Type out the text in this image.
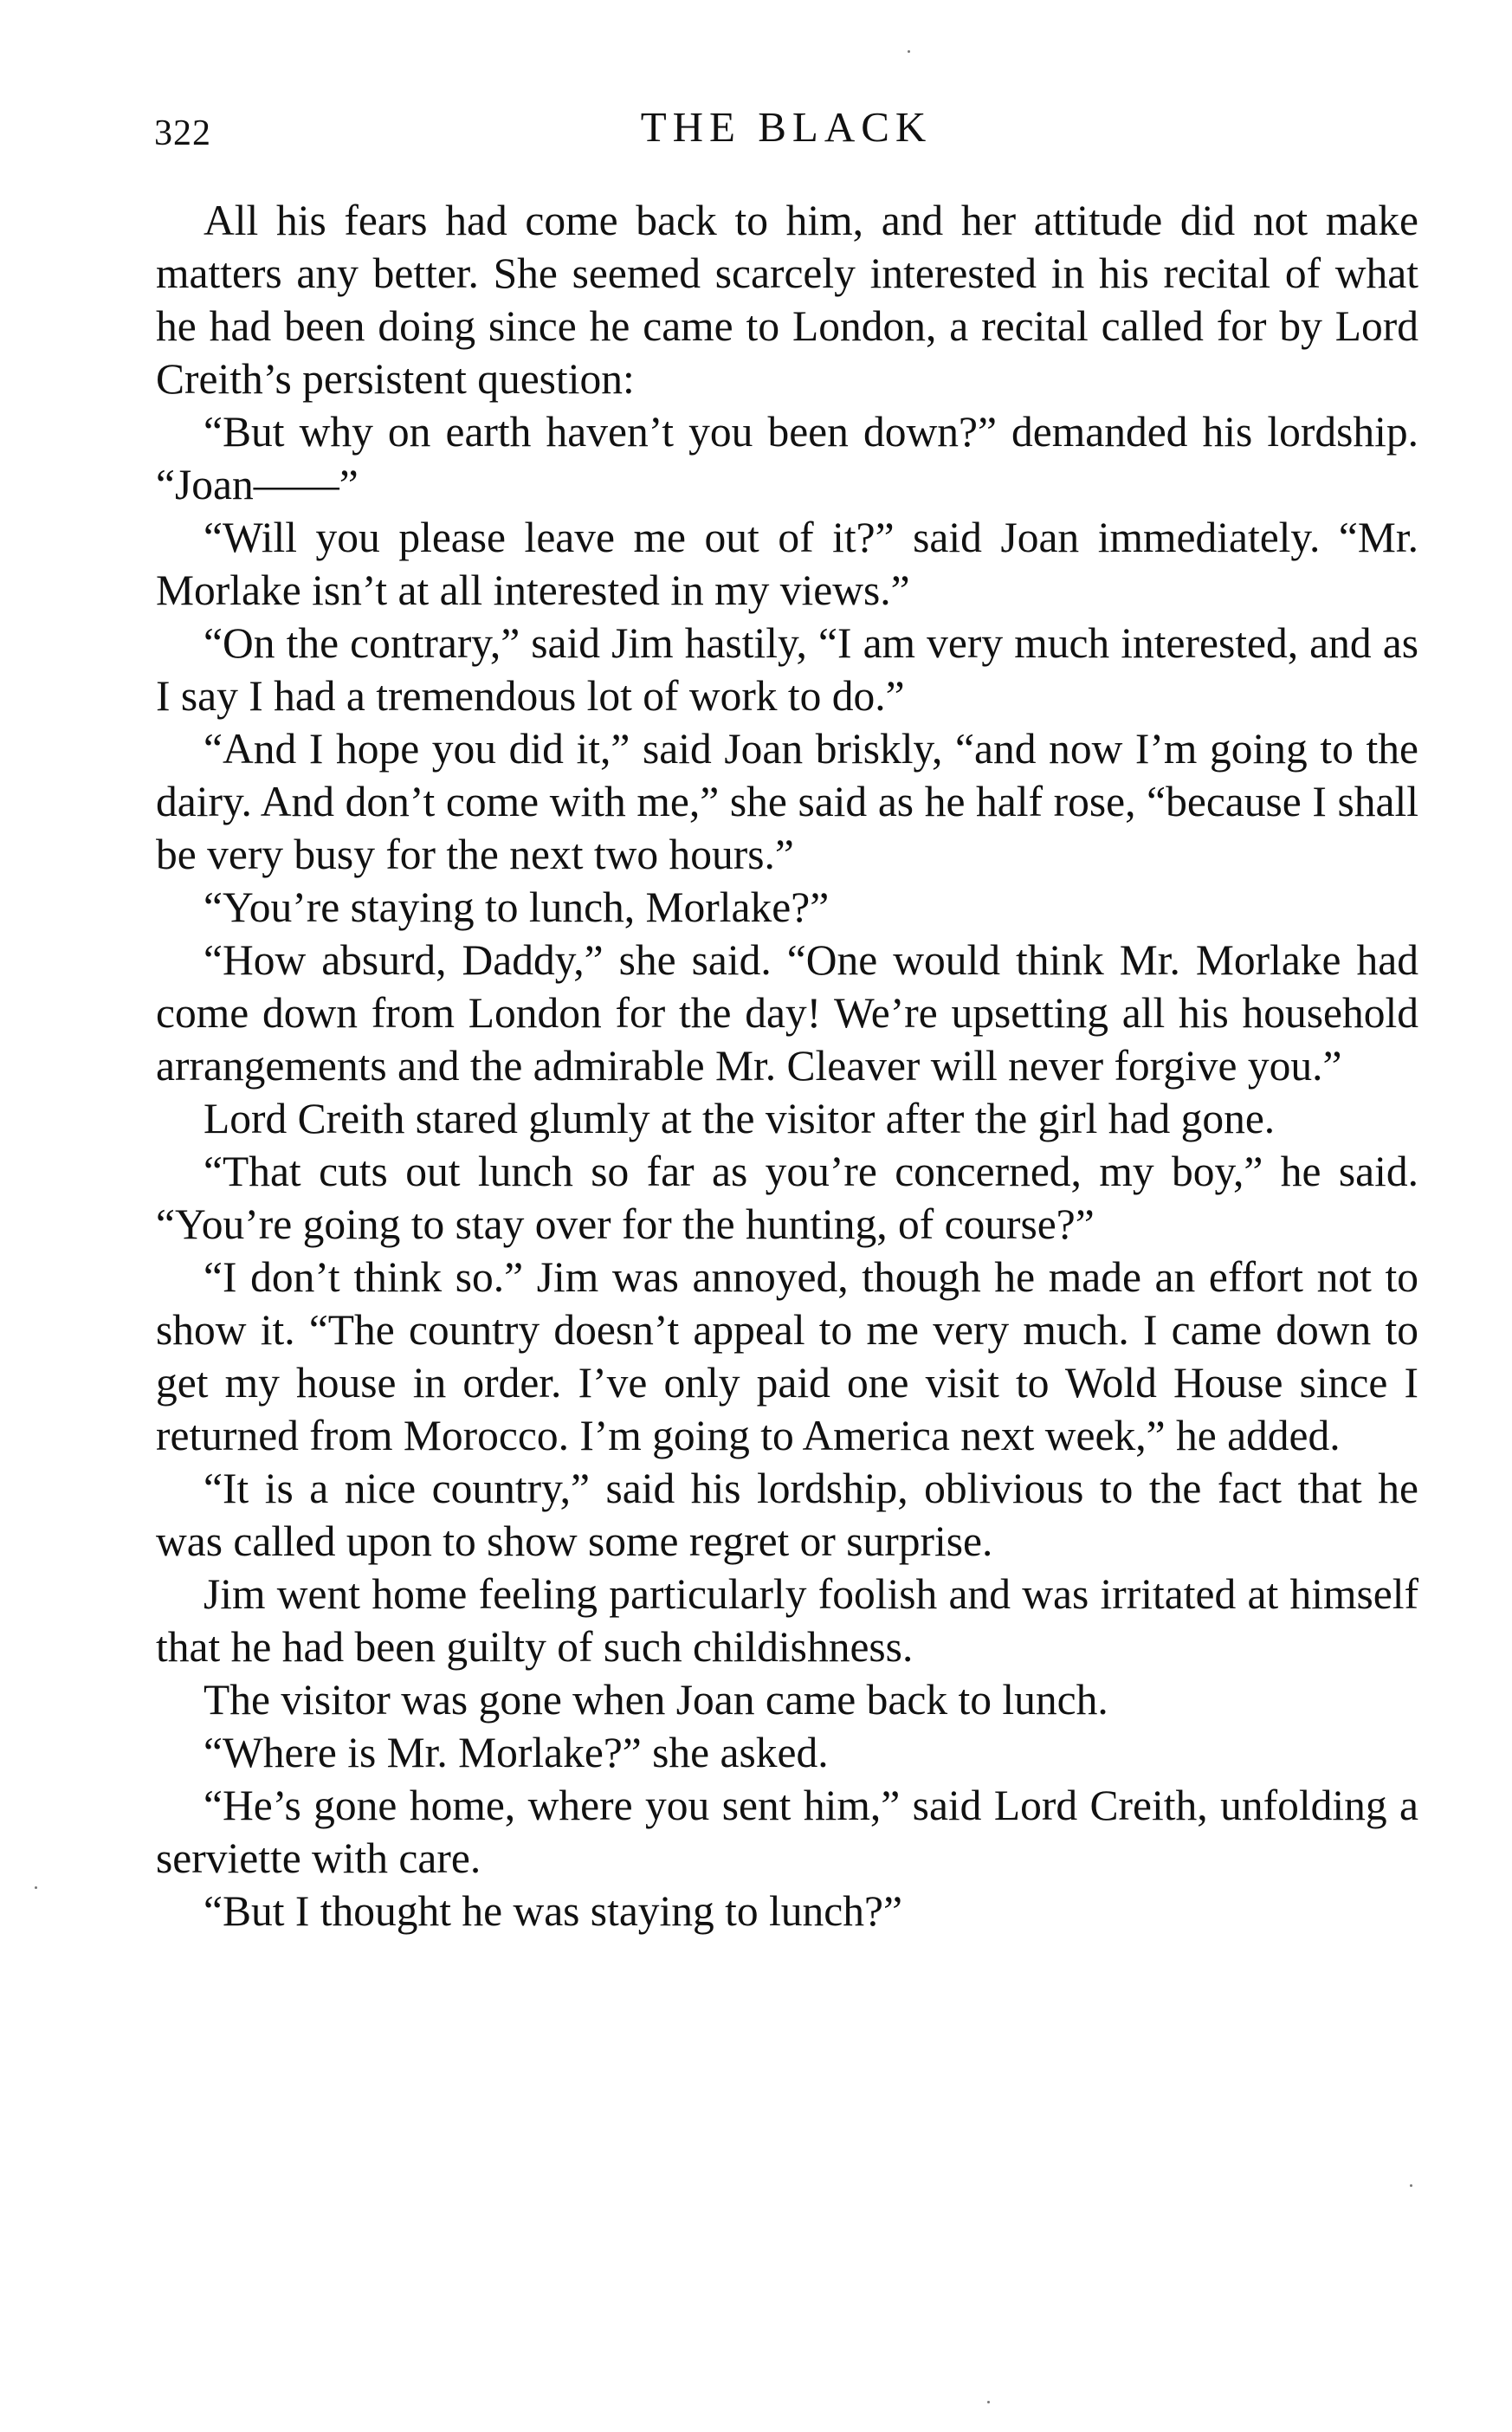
322	THE BLACK

All his fears had come back to him, and her attitude did not make matters any better. She seemed scarcely interested in his recital of what he had been doing since he came to London, a recital called for by Lord Creith’s persistent question:

“But why on earth haven’t you been down?” demanded his lordship. “Joan——”

“Will you please leave me out of it?” said Joan immediately. “Mr. Morlake isn’t at all interested in my views.”

“On the contrary,” said Jim hastily, “I am very much interested, and as I say I had a tremendous lot of work to do.”

“And I hope you did it,” said Joan briskly, “and now I’m going to the dairy. And don’t come with me,” she said as he half rose, “because I shall be very busy for the next two hours.”

“You’re staying to lunch, Morlake?”

“How absurd, Daddy,” she said. “One would think Mr. Morlake had come down from London for the day! We’re upsetting all his household arrangements and the admirable Mr. Cleaver will never forgive you.”

Lord Creith stared glumly at the visitor after the girl had gone.

“That cuts out lunch so far as you’re concerned, my boy,” he said. “You’re going to stay over for the hunting, of course?”

“I don’t think so.” Jim was annoyed, though he made an effort not to show it. “The country doesn’t appeal to me very much. I came down to get my house in order. I’ve only paid one visit to Wold House since I returned from Morocco. I’m going to America next week,” he added.

“It is a nice country,” said his lordship, oblivious to the fact that he was called upon to show some regret or surprise.

Jim went home feeling particularly foolish and was irritated at himself that he had been guilty of such childishness.

The visitor was gone when Joan came back to lunch.

“Where is Mr. Morlake?” she asked.

“He’s gone home, where you sent him,” said Lord Creith, unfolding a serviette with care.

“But I thought he was staying to lunch?”
